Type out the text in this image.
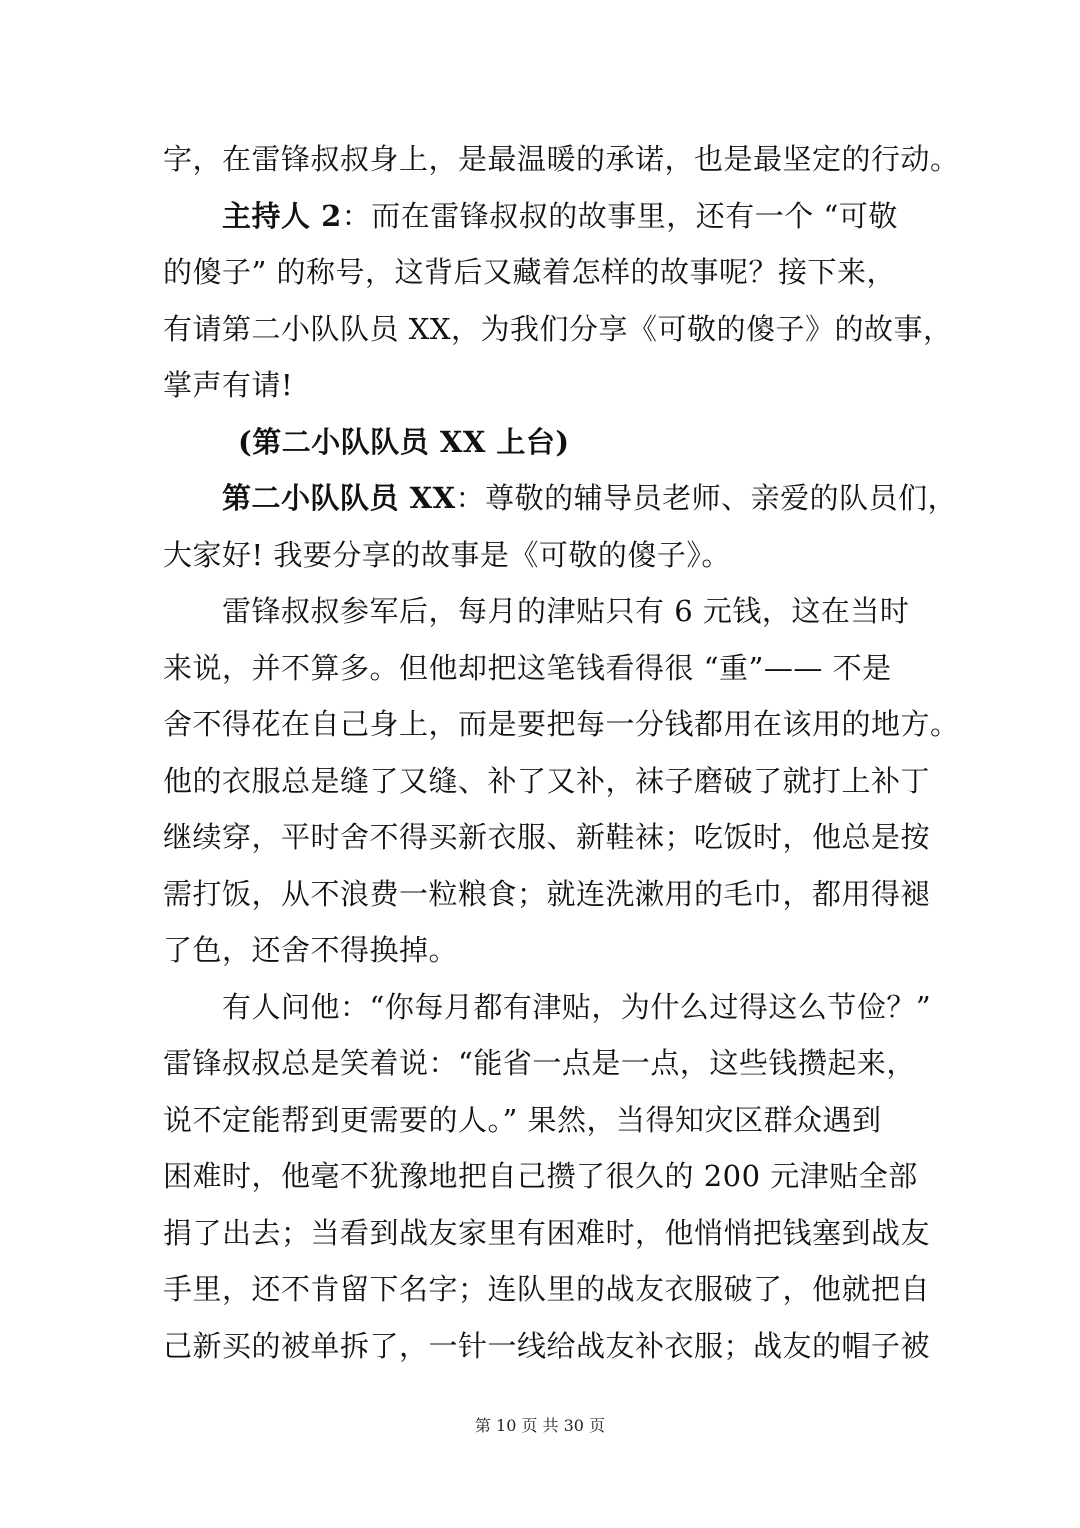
字，在雷锋叔叔身上，是最温暖的承诺，也是最坚定的行动。
主持人 2：而在雷锋叔叔的故事里，还有一个 “可敬
的傻子” 的称号，这背后又藏着怎样的故事呢？接下来，
有请第二小队队员 XX，为我们分享《可敬的傻子》的故事，
掌声有请!
(第二小队队员 XX 上台)
第二小队队员 XX：尊敬的辅导员老师、亲爱的队员们，
大家好! 我要分享的故事是《可敬的傻子》。
雷锋叔叔参军后，每月的津贴只有 6 元钱，这在当时
来说，并不算多。但他却把这笔钱看得很 “重”—— 不是
舍不得花在自己身上，而是要把每一分钱都用在该用的地方。
他的衣服总是缝了又缝、补了又补，袜子磨破了就打上补丁
继续穿，平时舍不得买新衣服、新鞋袜；吃饭时，他总是按
需打饭，从不浪费一粒粮食；就连洗漱用的毛巾，都用得褪
了色，还舍不得换掉。
有人问他：“你每月都有津贴，为什么过得这么节俭？”
雷锋叔叔总是笑着说：“能省一点是一点，这些钱攒起来，
说不定能帮到更需要的人。” 果然，当得知灾区群众遇到
困难时，他毫不犹豫地把自己攒了很久的 200 元津贴全部
捐了出去；当看到战友家里有困难时，他悄悄把钱塞到战友
手里，还不肯留下名字；连队里的战友衣服破了，他就把自
己新买的被单拆了，一针一线给战友补衣服；战友的帽子被
第 10 页 共 30 页
